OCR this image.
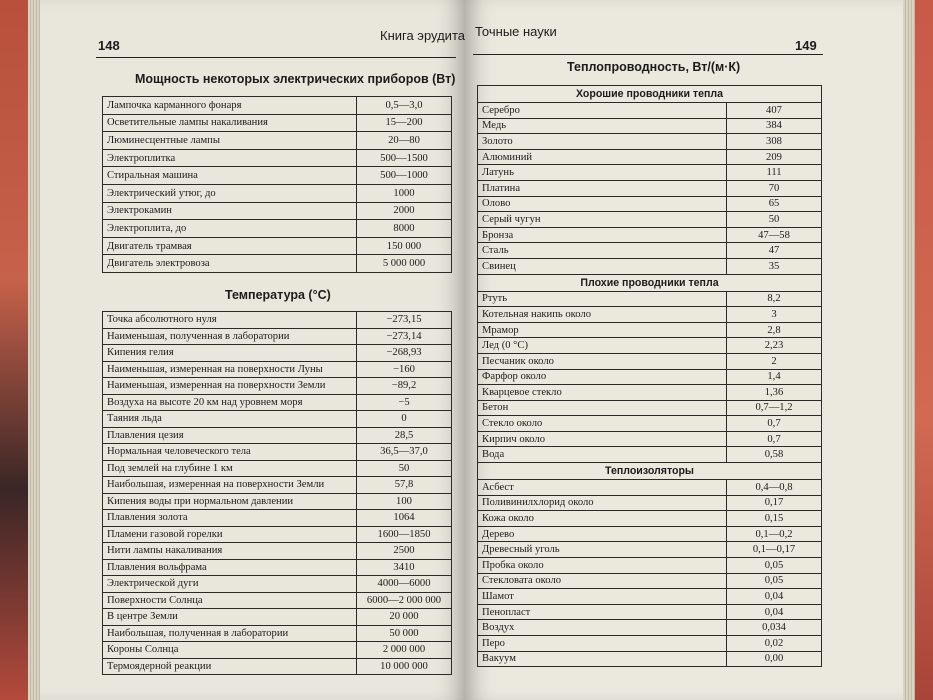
148
Книга эрудита
Мощность некоторых электрических приборов (Вт)
Лампочка карманного фонаря	0,5—3,0
Осветительные лампы накаливания	15—200
Люминесцентные лампы	20—80
Электроплитка	500—1500
Стиральная машина	500—1000
Электрический утюг, до	1000
Электрокамин	2000
Электроплита, до	8000
Двигатель трамвая	150 000
Двигатель электровоза	5 000 000
Температура (°С)
Точка абсолютного нуля	−273,15
Наименьшая, полученная в лаборатории	−273,14
Кипения гелия	−268,93
Наименьшая, измеренная на поверхности Луны	−160
Наименьшая, измеренная на поверхности Земли	−89,2
Воздуха на высоте 20 км над уровнем моря	−5
Таяния льда	0
Плавления цезия	28,5
Нормальная человеческого тела	36,5—37,0
Под землей на глубине 1 км	50
Наибольшая, измеренная на поверхности Земли	57,8
Кипения воды при нормальном давлении	100
Плавления золота	1064
Пламени газовой горелки	1600—1850
Нити лампы накаливания	2500
Плавления вольфрама	3410
Электрической дуги	4000—6000
Поверхности Солнца	6000—2 000 000
В центре Земли	20 000
Наибольшая, полученная в лаборатории	50 000
Короны Солнца	2 000 000
Термоядерной реакции	10 000 000
Точные науки
149
Теплопроводность, Вт/(м·К)
Хорошие проводники тепла	
Серебро	407
Медь	384
Золото	308
Алюминий	209
Латунь	111
Платина	70
Олово	65
Серый чугун	50
Бронза	47—58
Сталь	47
Свинец	35
Плохие проводники тепла	
Ртуть	8,2
Котельная накипь около	3
Мрамор	2,8
Лед (0 °С)	2,23
Песчаник около	2
Фарфор около	1,4
Кварцевое стекло	1,36
Бетон	0,7—1,2
Стекло около	0,7
Кирпич около	0,7
Вода	0,58
Теплоизоляторы	
Асбест	0,4—0,8
Поливинилхлорид около	0,17
Кожа около	0,15
Дерево	0,1—0,2
Древесный уголь	0,1—0,17
Пробка около	0,05
Стекловата около	0,05
Шамот	0,04
Пенопласт	0,04
Воздух	0,034
Перо	0,02
Вакуум	0,00
